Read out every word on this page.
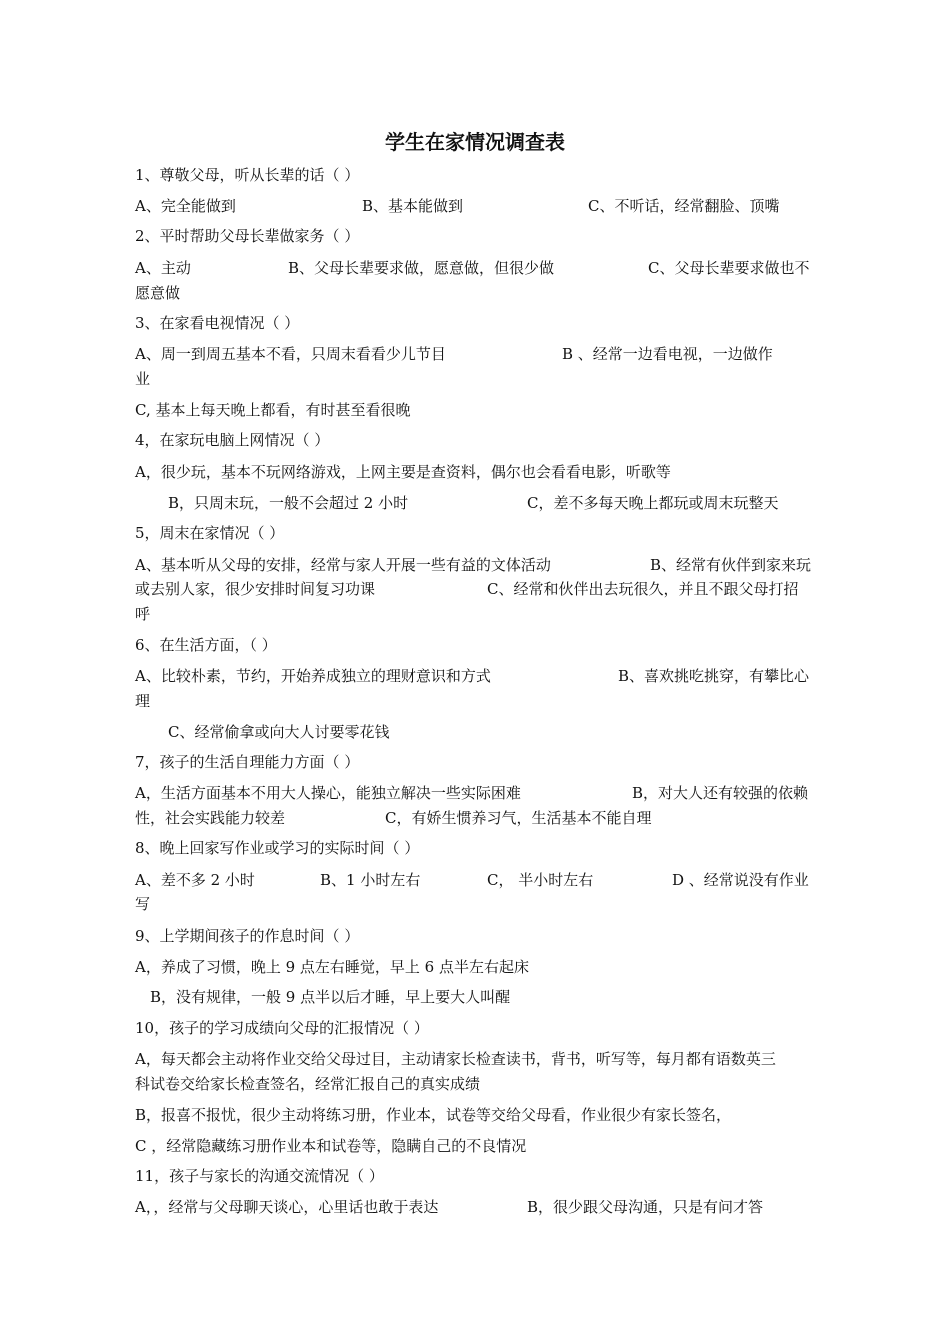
学生在家情况调查表
1、尊敬父母，听从长辈的话（ ）
A、完全能做到	B、基本能做到	C、不听话，经常翻脸、顶嘴
2、平时帮助父母长辈做家务（ ）
A、主动	B、父母长辈要求做，愿意做，但很少做	C、父母长辈要求做也不
愿意做
3、在家看电视情况（ ）
A、周一到周五基本不看，只周末看看少儿节目	B 、经常一边看电视，一边做作
业
C, 基本上每天晚上都看，有时甚至看很晚
4，在家玩电脑上网情况（ ）
A，很少玩，基本不玩网络游戏，上网主要是查资料，偶尔也会看看电影，听歌等
B，只周末玩，一般不会超过 2 小时	C，差不多每天晚上都玩或周末玩整天
5，周末在家情况（ ）
A、基本听从父母的安排，经常与家人开展一些有益的文体活动	B、经常有伙伴到家来玩
或去别人家，很少安排时间复习功课	C、经常和伙伴出去玩很久，并且不跟父母打招
呼
6、在生活方面，（ ）
A、比较朴素，节约，开始养成独立的理财意识和方式	B、喜欢挑吃挑穿，有攀比心
理
C、经常偷拿或向大人讨要零花钱
7，孩子的生活自理能力方面（ ）
A，生活方面基本不用大人操心，能独立解决一些实际困难	B，对大人还有较强的依赖
性，社会实践能力较差	C，有娇生惯养习气，生活基本不能自理
8、晚上回家写作业或学习的实际时间（ ）
A、差不多 2 小时	B、1 小时左右	C， 半小时左右	D 、经常说没有作业
写
9、上学期间孩子的作息时间（ ）
A，养成了习惯，晚上 9 点左右睡觉，早上 6 点半左右起床
B，没有规律，一般 9 点半以后才睡，早上要大人叫醒
10，孩子的学习成绩向父母的汇报情况（ ）
A，每天都会主动将作业交给父母过目，主动请家长检查读书，背书，听写等，每月都有语数英三
科试卷交给家长检查签名，经常汇报自己的真实成绩
B，报喜不报忧，很少主动将练习册，作业本，试卷等交给父母看，作业很少有家长签名，
C ，经常隐藏练习册作业本和试卷等，隐瞒自己的不良情况
11，孩子与家长的沟通交流情况（ ）
A，，经常与父母聊天谈心，心里话也敢于表达	B，很少跟父母沟通，只是有问才答
